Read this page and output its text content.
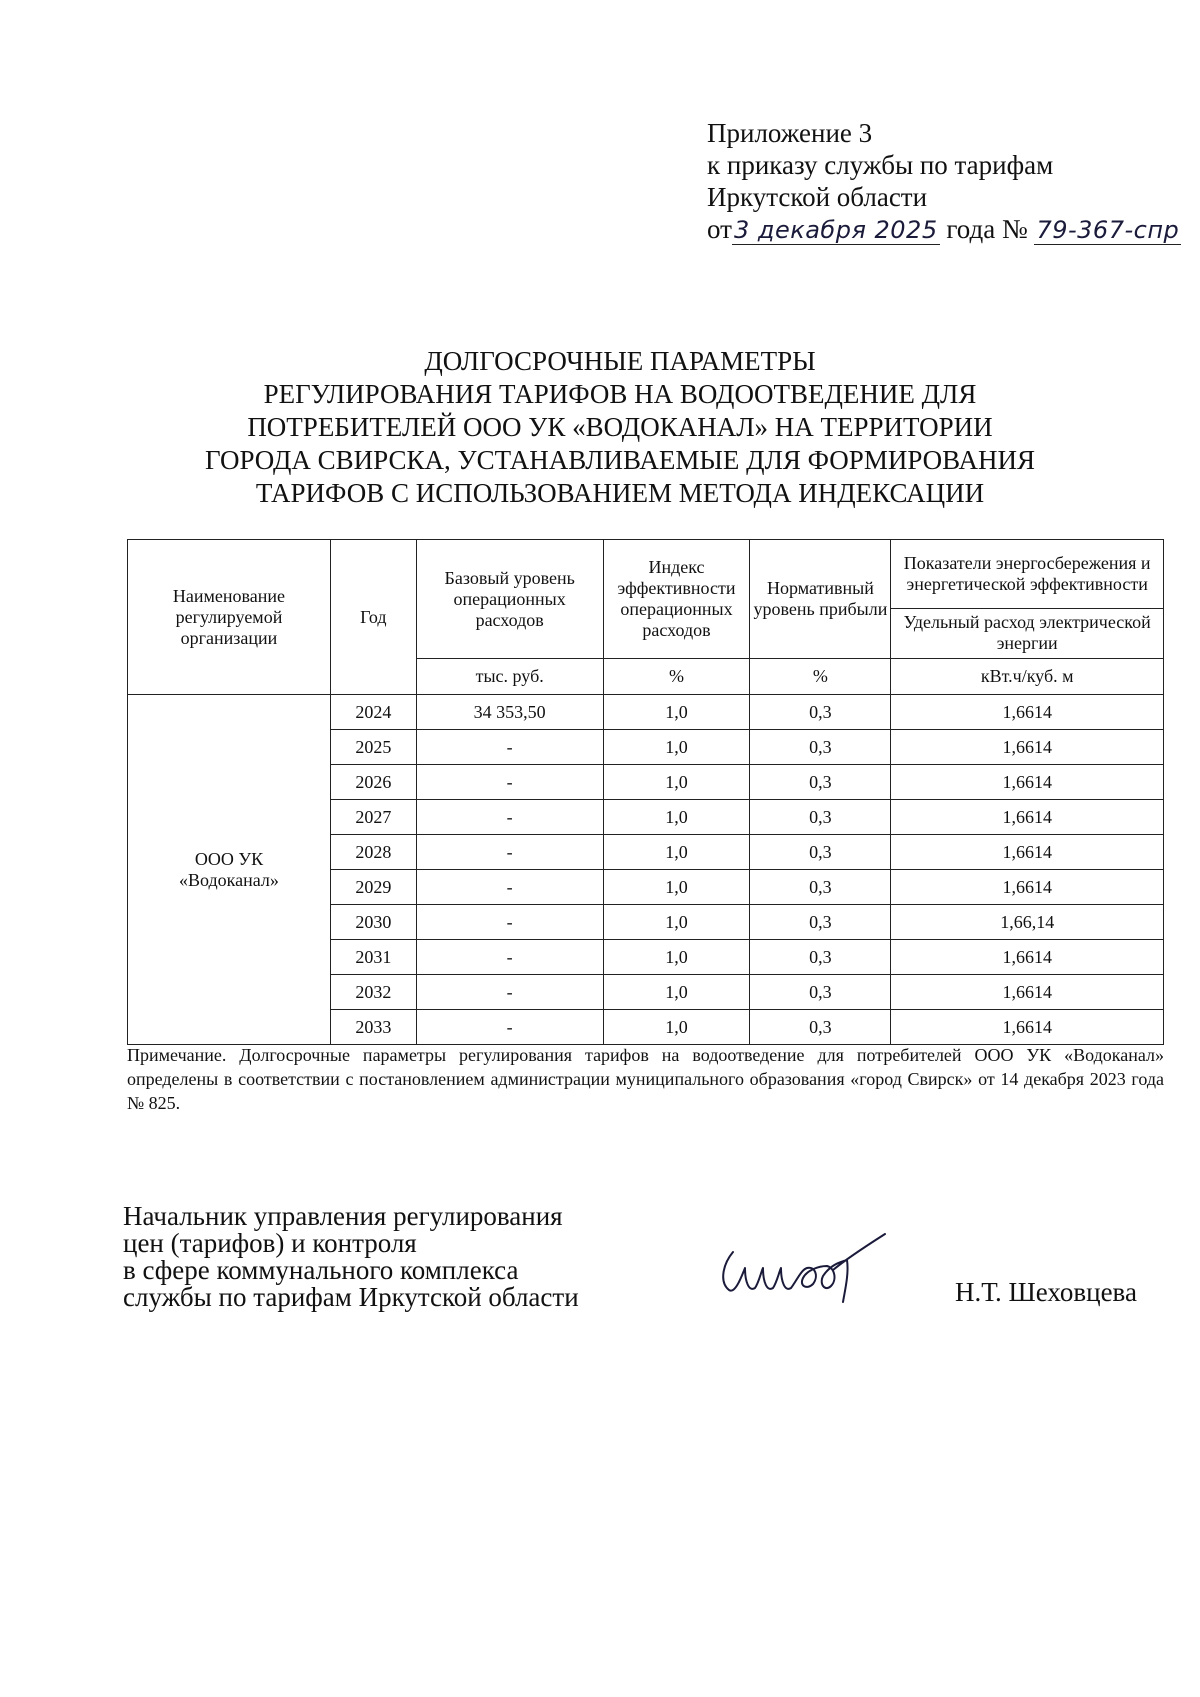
Приложение 3
к приказу службы по тарифам
Иркутской области
от3 декабря 2025 года № 79-367-спр
ДОЛГОСРОЧНЫЕ ПАРАМЕТРЫ
РЕГУЛИРОВАНИЯ ТАРИФОВ НА ВОДООТВЕДЕНИЕ ДЛЯ
ПОТРЕБИТЕЛЕЙ ООО УК «ВОДОКАНАЛ» НА ТЕРРИТОРИИ
ГОРОДА СВИРСКА, УСТАНАВЛИВАЕМЫЕ ДЛЯ ФОРМИРОВАНИЯ
ТАРИФОВ С ИСПОЛЬЗОВАНИЕМ МЕТОДА ИНДЕКСАЦИИ
Наименование регулируемой организации	Год	Базовый уровень операционных расходов	Индекс эффективности операционных расходов	Нормативный уровень прибыли	Показатели энергосбережения и энергетической эффективности
					Удельный расход электрической энергии
		тыс. руб.	%	%	кВт.ч/куб. м
ООО УК «Водоканал»	2024	34 353,50	1,0	0,3	1,6614
	2025	-	1,0	0,3	1,6614
	2026	-	1,0	0,3	1,6614
	2027	-	1,0	0,3	1,6614
	2028	-	1,0	0,3	1,6614
	2029	-	1,0	0,3	1,6614
	2030	-	1,0	0,3	1,66,14
	2031	-	1,0	0,3	1,6614
	2032	-	1,0	0,3	1,6614
	2033	-	1,0	0,3	1,6614
Примечание. Долгосрочные параметры регулирования тарифов на водоотведение для потребителей ООО УК «Водоканал» определены в соответствии с постановлением администрации муниципального образования «город Свирск» от 14 декабря 2023 года № 825.
Начальник управления регулирования
цен (тарифов) и контроля
в сфере коммунального комплекса
службы по тарифам Иркутской области	Н.Т. Шеховцева
